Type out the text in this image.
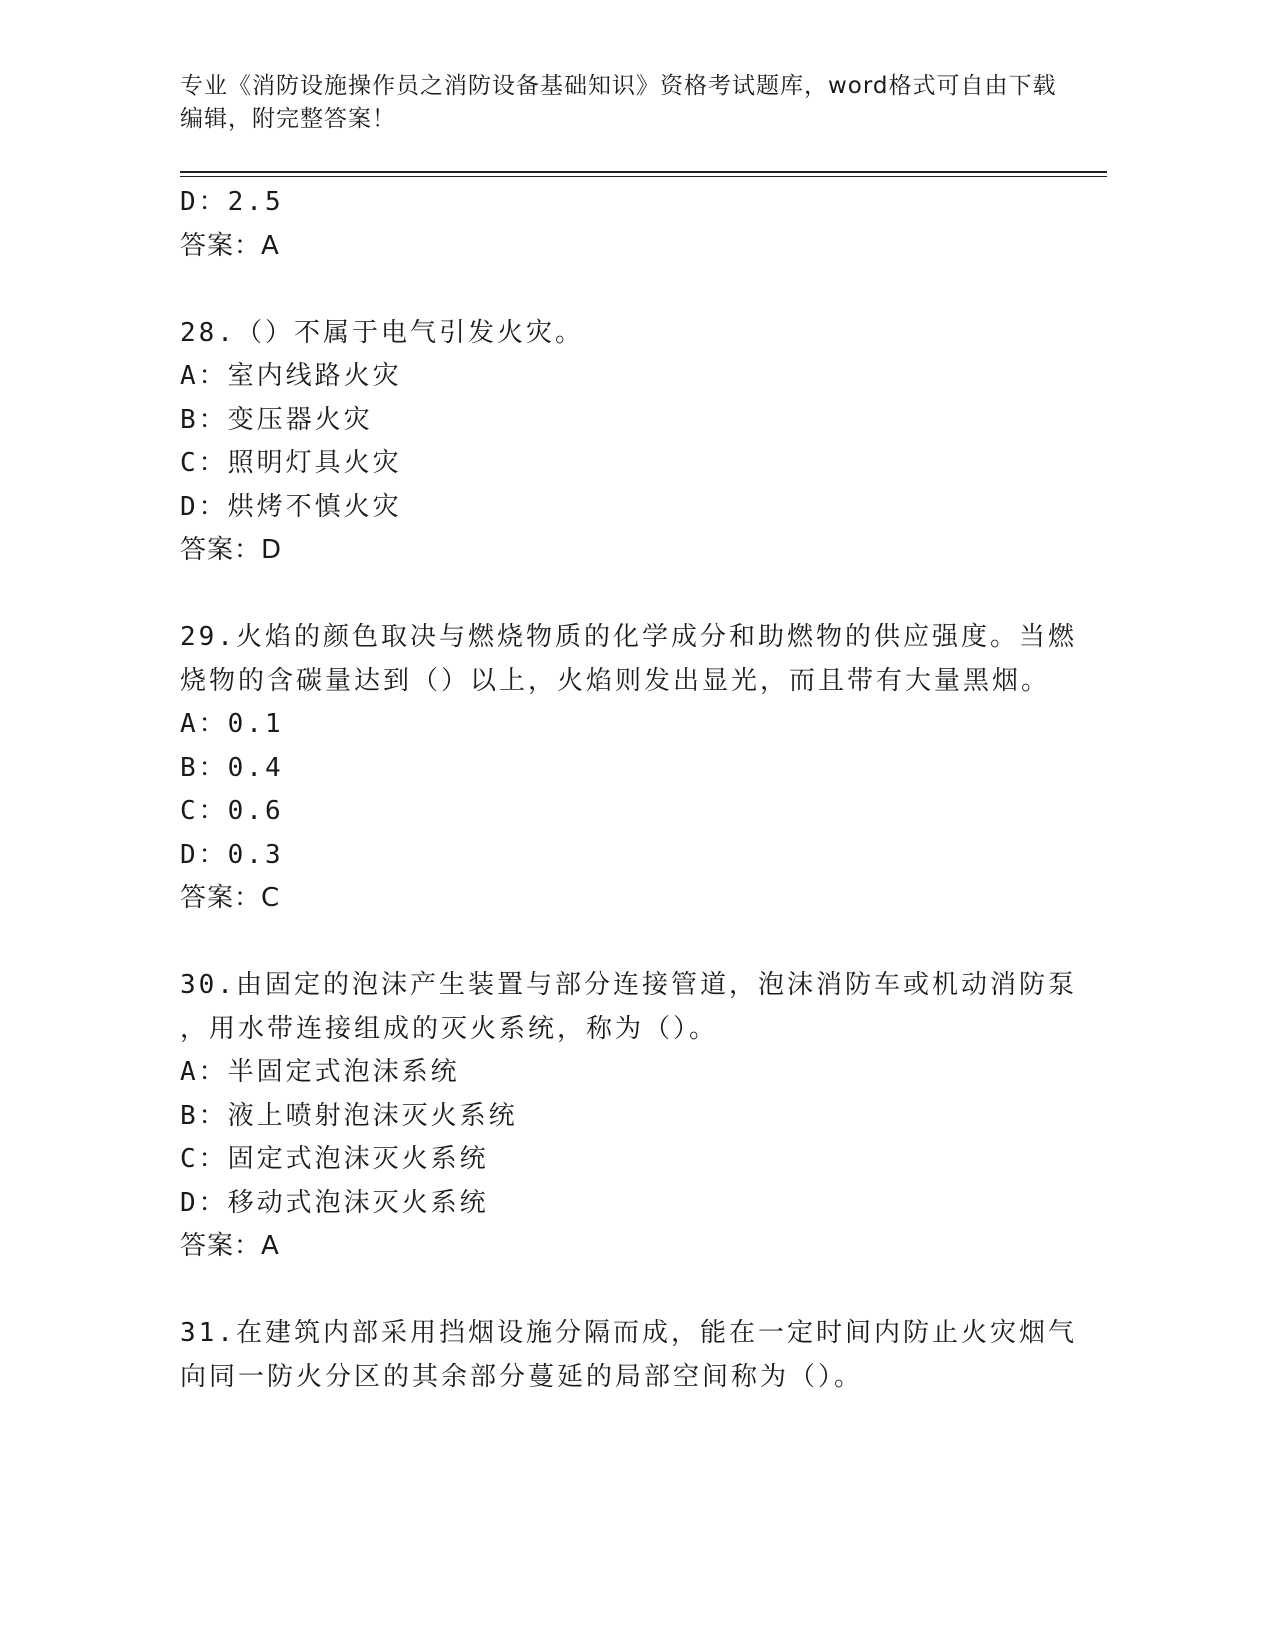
专业《消防设施操作员之消防设备基础知识》资格考试题库，word格式可自由下载编辑，附完整答案！
D：2.5
答案：A
28.（）不属于电气引发火灾。
A：室内线路火灾
B：变压器火灾
C：照明灯具火灾
D：烘烤不慎火灾
答案：D
29.火焰的颜色取决与燃烧物质的化学成分和助燃物的供应强度。当燃
烧物的含碳量达到（）以上，火焰则发出显光，而且带有大量黑烟。
A：0.1
B：0.4
C：0.6
D：0.3
答案：C
30.由固定的泡沫产生装置与部分连接管道，泡沫消防车或机动消防泵
，用水带连接组成的灭火系统，称为（）。
A：半固定式泡沫系统
B：液上喷射泡沫灭火系统
C：固定式泡沫灭火系统
D：移动式泡沫灭火系统
答案：A
31.在建筑内部采用挡烟设施分隔而成，能在一定时间内防止火灾烟气
向同一防火分区的其余部分蔓延的局部空间称为（）。
